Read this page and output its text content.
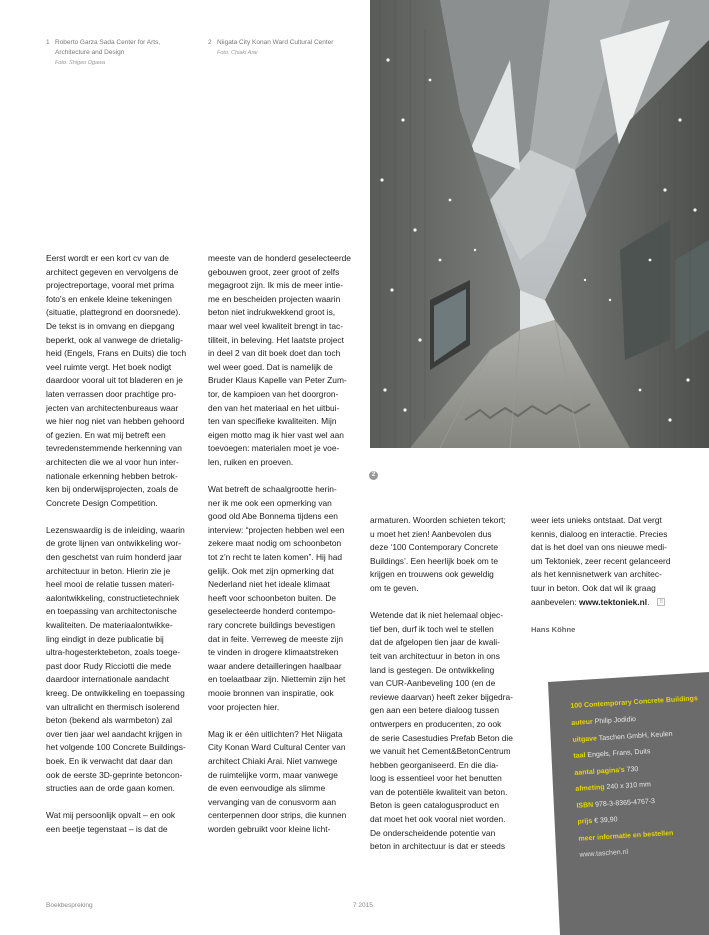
1 Roberto Garza Sada Center for Arts,
Architecture and Design
Foto: Shigeo Ogawa
2 Niigata City Konan Ward Cultural Center
Foto: Chiaki Arai
2

Eerst wordt er een kort cv van de
architect gegeven en vervolgens de
projectreportage, vooral met prima
foto's en enkele kleine tekeningen
(situatie, plattegrond en doorsnede).
De tekst is in omvang en diepgang
beperkt, ook al vanwege de drietalig-
heid (Engels, Frans en Duits) die toch
veel ruimte vergt. Het boek nodigt
daardoor vooral uit tot bladeren en je
laten verrassen door prachtige pro-
jecten van architectenbureaus waar
we hier nog niet van hebben gehoord
of gezien. En wat mij betreft een
tevredenstemmende herkenning van
architecten die we al voor hun inter-
nationale erkenning hebben betrok-
ken bij onderwijsprojecten, zoals de
Concrete Design Competition.

Lezenswaardig is de inleiding, waarin
de grote lijnen van ontwikkeling wor-
den geschetst van ruim honderd jaar
architectuur in beton. Hierin zie je
heel mooi de relatie tussen materi-
aalontwikkeling, constructietechniek
en toepassing van architectonische
kwaliteiten. De materiaalontwikke-
ling eindigt in deze publicatie bij
ultra-hogesterktebeton, zoals toege-
past door Rudy Ricciotti die mede
daardoor internationale aandacht
kreeg. De ontwikkeling en toepassing
van ultralicht en thermisch isolerend
beton (bekend als warmbeton) zal
over tien jaar wel aandacht krijgen in
het volgende 100 Concrete Buildings-
boek. En ik verwacht dat daar dan
ook de eerste 3D-geprinte betoncon-
structies aan de orde gaan komen.

Wat mij persoonlijk opvalt – en ook
een beetje tegenstaat – is dat de

meeste van de honderd geselecteerde
gebouwen groot, zeer groot of zelfs
megagroot zijn. Ik mis de meer intie-
me en bescheiden projecten waarin
beton niet indrukwekkend groot is,
maar wel veel kwaliteit brengt in tac-
tiliteit, in beleving. Het laatste project
in deel 2 van dit boek doet dan toch
wel weer goed. Dat is namelijk de
Bruder Klaus Kapelle van Peter Zum-
tor, de kampioen van het doorgron-
den van het materiaal en het uitbui-
ten van specifieke kwaliteiten. Mijn
eigen motto mag ik hier vast wel aan
toevoegen: materialen moet je voe-
len, ruiken en proeven.

Wat betreft de schaalgrootte herin-
ner ik me ook een opmerking van
good old Abe Bonnema tijdens een
interview: “projecten hebben wel een
zekere maat nodig om schoonbeton
tot z’n recht te laten komen”. Hij had
gelijk. Ook met zijn opmerking dat
Nederland niet het ideale klimaat
heeft voor schoonbeton buiten. De
geselecteerde honderd contempo-
rary concrete buildings bevestigen
dat in feite. Verreweg de meeste zijn
te vinden in drogere klimaatstreken
waar andere detailleringen haalbaar
en toelaatbaar zijn. Niettemin zijn het
mooie bronnen van inspiratie, ook
voor projecten hier.

Mag ik er één uitlichten? Het Niigata
City Konan Ward Cultural Center van
architect Chiaki Arai. Niet vanwege
de ruimtelijke vorm, maar vanwege
de even eenvoudige als slimme
vervanging van de conusvorm aan
centerpennen door strips, die kunnen
worden gebruikt voor kleine licht-

armaturen. Woorden schieten tekort;
u moet het zien! Aanbevolen dus
deze ‘100 Contemporary Concrete
Buildings’. Een heerlijk boek om te
krijgen en trouwens ook geweldig
om te geven.

Wetende dat ik niet helemaal objec-
tief ben, durf ik toch wel te stellen
dat de afgelopen tien jaar de kwali-
teit van architectuur in beton in ons
land is gestegen. De ontwikkeling
van CUR-Aanbeveling 100 (en de
reviewe daarvan) heeft zeker bijgedra-
gen aan een betere dialoog tussen
ontwerpers en producenten, zo ook
de serie Casestudies Prefab Beton die
we vanuit het Cement&BetonCentrum
hebben georganiseerd. En die dia-
loog is essentieel voor het benutten
van de potentiële kwaliteit van beton.
Beton is geen catalogusproduct en
dat moet het ook vooral niet worden.
De onderscheidende potentie van
beton in architectuur is dat er steeds

weer iets unieks ontstaat. Dat vergt
kennis, dialoog en interactie. Precies
dat is het doel van ons nieuwe medi-
um Tektoniek, zeer recent gelanceerd
als het kennisnetwerk van architec-
tuur in beton. Ook dat wil ik graag
aanbevelen: www.tektoniek.nl. B

Hans Köhne
100 Contemporary Concrete Buildings
auteur Philip Jodidio
uitgave Taschen GmbH, Keulen
taal Engels, Frans, Duits
aantal pagina's 730
afmeting 240 x 310 mm
ISBN 978-3-8365-4767-3
prijs € 39,90
meer informatie en bestellen
www.taschen.nl
Boekbespreking	7 2015
